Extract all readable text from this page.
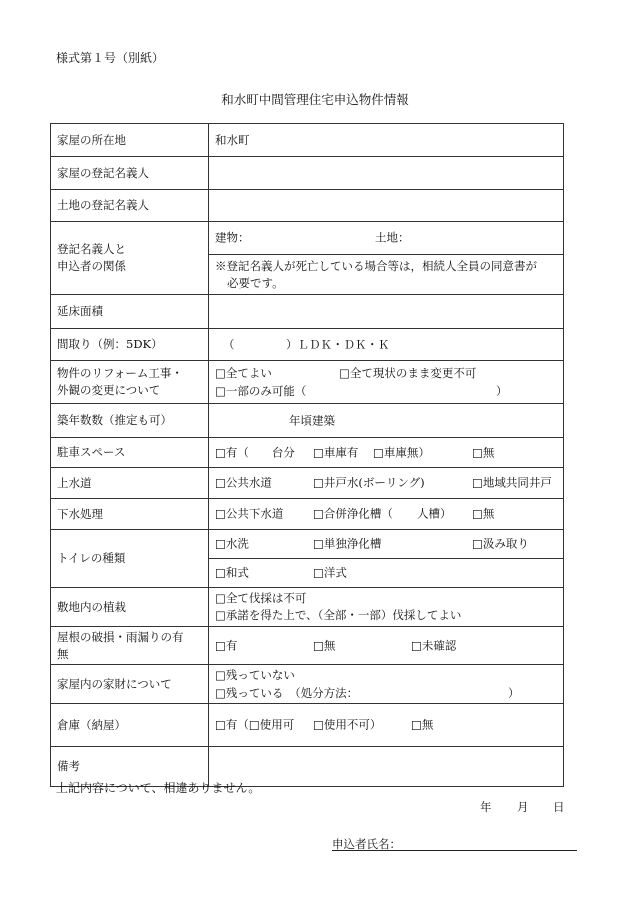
様式第１号（別紙）
和水町中間管理住宅申込物件情報
家屋の所在地	和水町
家屋の登記名義人	
土地の登記名義人	

登記名義人と
申込者の関係	建物： 土地：

	※登記名義人が死亡している場合等は，相続人全員の同意書が
必要です。

延床面積	
間取り（例：5DK）	（ ）ＬＤＫ・ＤＫ・Ｋ

物件のリフォーム工事・
外観の変更について	□全てよい □全て現状のまま変更不可
□一部のみ可能（ ）

築年数数（推定も可）	年頃建築

駐車スペース	□有（　　台分 □車庫有 □車庫無） □無

上水道	□公共水道 □井戸水(ボーリング) □地域共同井戸

下水処理	□公共下水道 □合併浄化槽（ 人槽） □無

トイレの種類	□水洗 □単独浄化槽 □汲み取り

	□和式 □洋式

敷地内の植栽	□全て伐採は不可
□承諾を得た上で、（全部・一部）伐採してよい

屋根の破損・雨漏りの有
無	□有 □無 □未確認

家屋内の家財について	□残っていない
□残っている　（処分方法： ）

倉庫（納屋）	□有（□使用可 □使用不可） □無

備考	
上記内容について、相違ありません。
年 月 日
申込者氏名：
